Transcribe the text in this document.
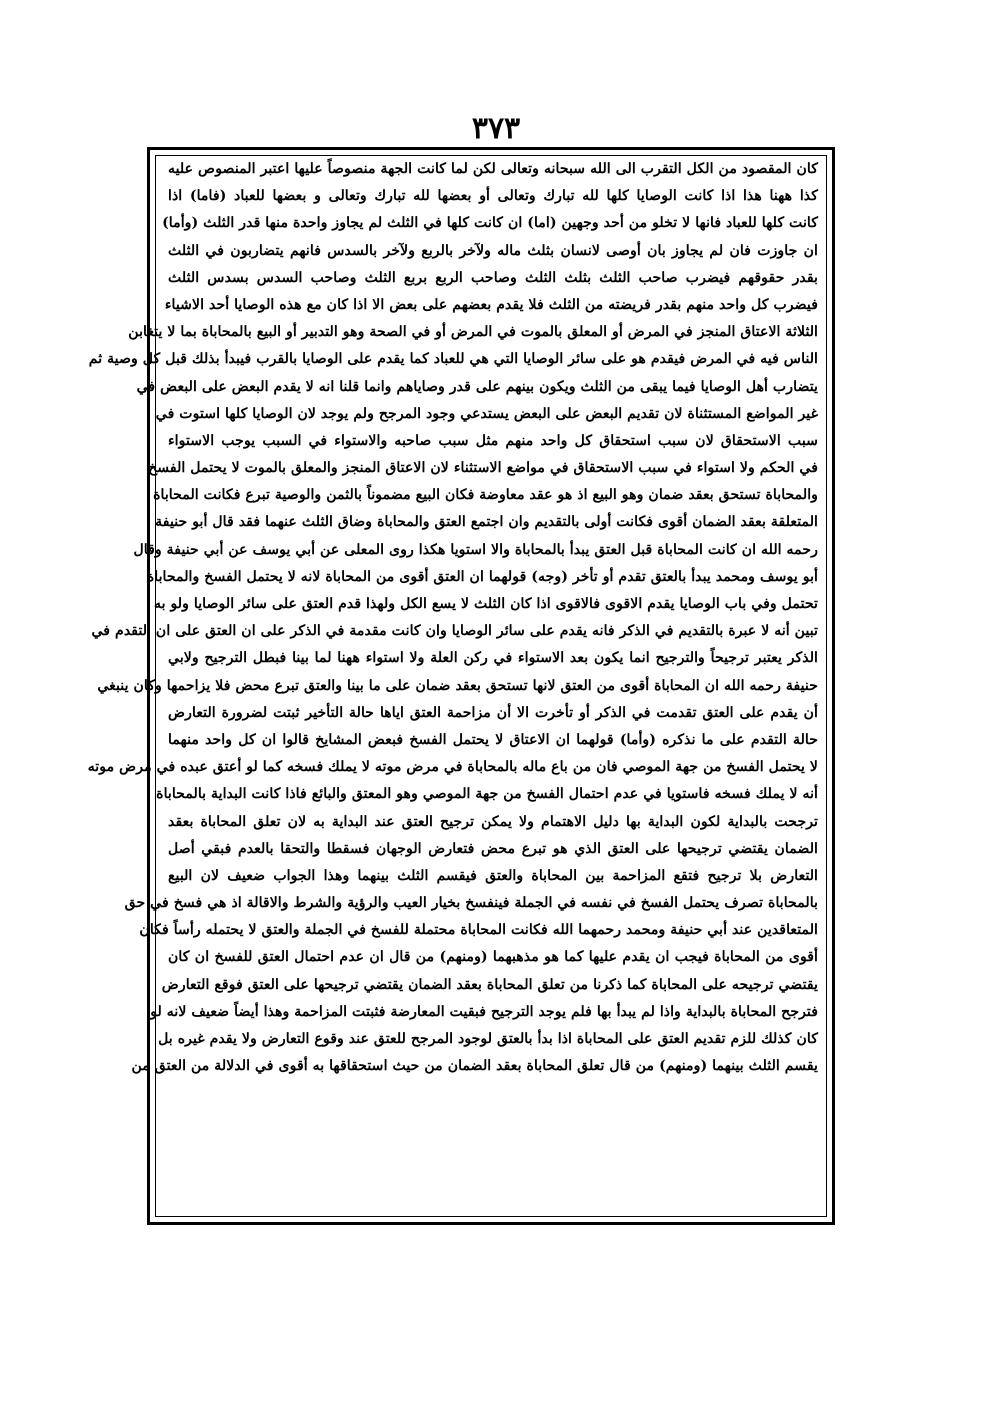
٣٧٣
كان المقصود من الكل التقرب الى الله سبحانه وتعالى لكن لما كانت الجهة منصوصاً عليها اعتبر المنصوص عليه
كذا ههنا هذا اذا كانت الوصايا كلها لله تبارك وتعالى أو بعضها لله تبارك وتعالى و بعضها للعباد (فاما) اذا
كانت كلها للعباد فانها لا تخلو من أحد وجهين (اما) ان كانت كلها في الثلث لم يجاوز واحدة منها قدر الثلث (وأما)
ان جاوزت فان لم يجاوز بان أوصى لانسان بثلث ماله ولآخر بالربع ولآخر بالسدس فانهم يتضاربون في الثلث
بقدر حقوقهم فيضرب صاحب الثلث بثلث الثلث وصاحب الربع بربع الثلث وصاحب السدس بسدس الثلث
فيضرب كل واحد منهم بقدر فريضته من الثلث فلا يقدم بعضهم على بعض الا اذا كان مع هذه الوصايا أحد الاشياء
الثلاثة الاعتاق المنجز في المرض أو المعلق بالموت في المرض أو في الصحة وهو التدبير أو البيع بالمحاباة بما لا يتغابن
الناس فيه في المرض فيقدم هو على سائر الوصايا التي هي للعباد كما يقدم على الوصايا بالقرب فيبدأ بذلك قبل كل وصية ثم
يتضارب أهل الوصايا فيما يبقى من الثلث ويكون بينهم على قدر وصاياهم وانما قلنا انه لا يقدم البعض على البعض في
غير المواضع المستثناة لان تقديم البعض على البعض يستدعي وجود المرجح ولم يوجد لان الوصايا كلها استوت في
سبب الاستحقاق لان سبب استحقاق كل واحد منهم مثل سبب صاحبه والاستواء في السبب يوجب الاستواء
في الحكم ولا استواء في سبب الاستحقاق في مواضع الاستثناء لان الاعتاق المنجز والمعلق بالموت لا يحتمل الفسخ
والمحاباة تستحق بعقد ضمان وهو البيع اذ هو عقد معاوضة فكان البيع مضموناً بالثمن والوصية تبرع فكانت المحاباة
المتعلقة بعقد الضمان أقوى فكانت أولى بالتقديم وان اجتمع العتق والمحاباة وضاق الثلث عنهما فقد قال أبو حنيفة
رحمه الله ان كانت المحاباة قبل العتق يبدأ بالمحاباة والا استويا هكذا روى المعلى عن أبي يوسف عن أبي حنيفة وقال
أبو يوسف ومحمد يبدأ بالعتق تقدم أو تأخر (وجه) قولهما ان العتق أقوى من المحاباة لانه لا يحتمل الفسخ والمحاباة
تحتمل وفي باب الوصايا يقدم الاقوى فالاقوى اذا كان الثلث لا يسع الكل ولهذا قدم العتق على سائر الوصايا ولو به
تبين أنه لا عبرة بالتقديم في الذكر فانه يقدم على سائر الوصايا وان كانت مقدمة في الذكر على ان العتق على ان التقدم في
الذكر يعتبر ترجيحاً والترجيح انما يكون بعد الاستواء في ركن العلة ولا استواء ههنا لما بينا فبطل الترجيح ولابي
حنيفة رحمه الله ان المحاباة أقوى من العتق لانها تستحق بعقد ضمان على ما بينا والعتق تبرع محض فلا يزاحمها وكان ينبغي
أن يقدم على العتق تقدمت في الذكر أو تأخرت الا أن مزاحمة العتق اياها حالة التأخير ثبتت لضرورة التعارض
حالة التقدم على ما نذكره (وأما) قولهما ان الاعتاق لا يحتمل الفسخ فبعض المشايخ قالوا ان كل واحد منهما
لا يحتمل الفسخ من جهة الموصي فان من باع ماله بالمحاباة في مرض موته لا يملك فسخه كما لو أعتق عبده في مرض موته
أنه لا يملك فسخه فاستويا في عدم احتمال الفسخ من جهة الموصي وهو المعتق والبائع فاذا كانت البداية بالمحاباة
ترجحت بالبداية لكون البداية بها دليل الاهتمام ولا يمكن ترجيح العتق عند البداية به لان تعلق المحاباة بعقد
الضمان يقتضي ترجيحها على العتق الذي هو تبرع محض فتعارض الوجهان فسقطا والتحقا بالعدم فبقي أصل
التعارض بلا ترجيح فتقع المزاحمة بين المحاباة والعتق فيقسم الثلث بينهما وهذا الجواب ضعيف لان البيع
بالمحاباة تصرف يحتمل الفسخ في نفسه في الجملة فينفسخ بخيار العيب والرؤية والشرط والاقالة اذ هي فسخ في حق
المتعاقدين عند أبي حنيفة ومحمد رحمهما الله فكانت المحاباة محتملة للفسخ في الجملة والعتق لا يحتمله رأساً فكان
أقوى من المحاباة فيجب ان يقدم عليها كما هو مذهبهما (ومنهم) من قال ان عدم احتمال العتق للفسخ ان كان
يقتضي ترجيحه على المحاباة كما ذكرنا من تعلق المحاباة بعقد الضمان يقتضي ترجيحها على العتق فوقع التعارض
فترجح المحاباة بالبداية واذا لم يبدأ بها فلم يوجد الترجيح فبقيت المعارضة فثبتت المزاحمة وهذا أيضاً ضعيف لانه لو
كان كذلك للزم تقديم العتق على المحاباة اذا بدأ بالعتق لوجود المرجح للعتق عند وقوع التعارض ولا يقدم غيره بل
يقسم الثلث بينهما (ومنهم) من قال تعلق المحاباة بعقد الضمان من حيث استحقاقها به أقوى في الدلالة من العتق من
